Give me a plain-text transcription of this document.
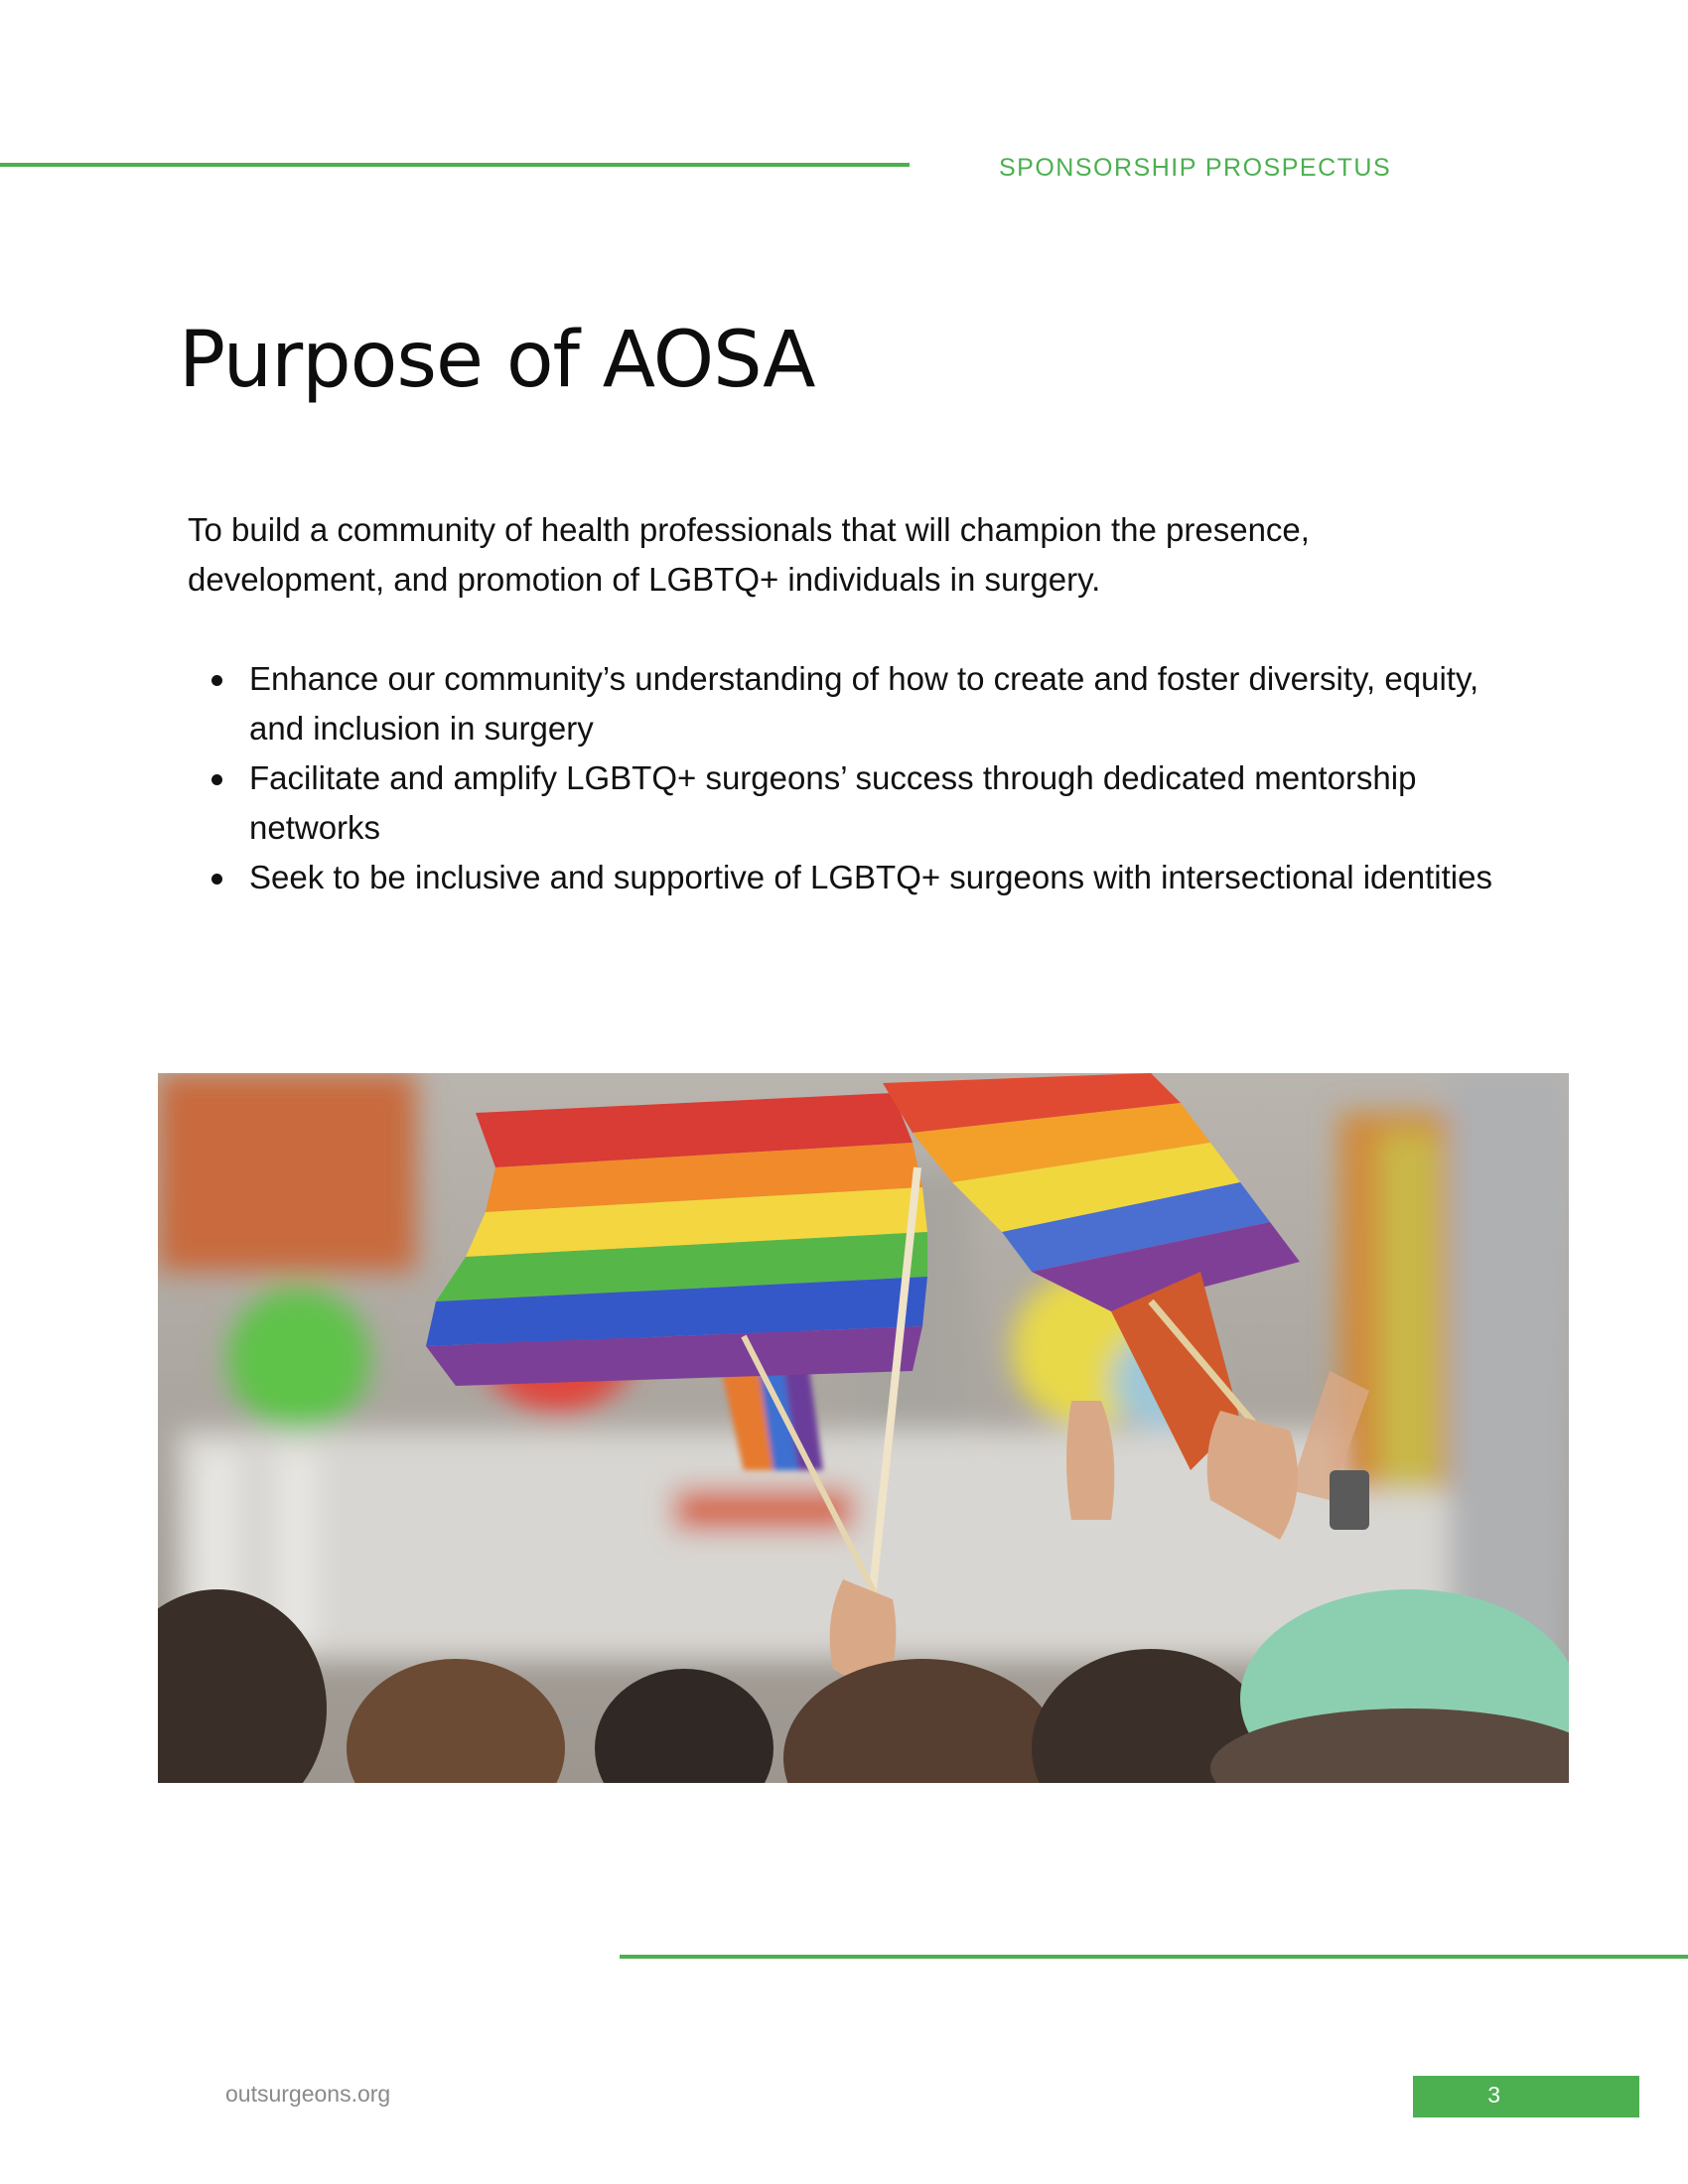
SPONSORSHIP PROSPECTUS
Purpose of AOSA

To build a community of health professionals that will champion the presence, development, and promotion of LGBTQ+ individuals in surgery.

Enhance our community’s understanding of how to create and foster diversity, equity, and inclusion in surgery
Facilitate and amplify LGBTQ+ surgeons’ success through dedicated mentorship networks
Seek to be inclusive and supportive of LGBTQ+ surgeons with intersectional identities
outsurgeons.org	3
